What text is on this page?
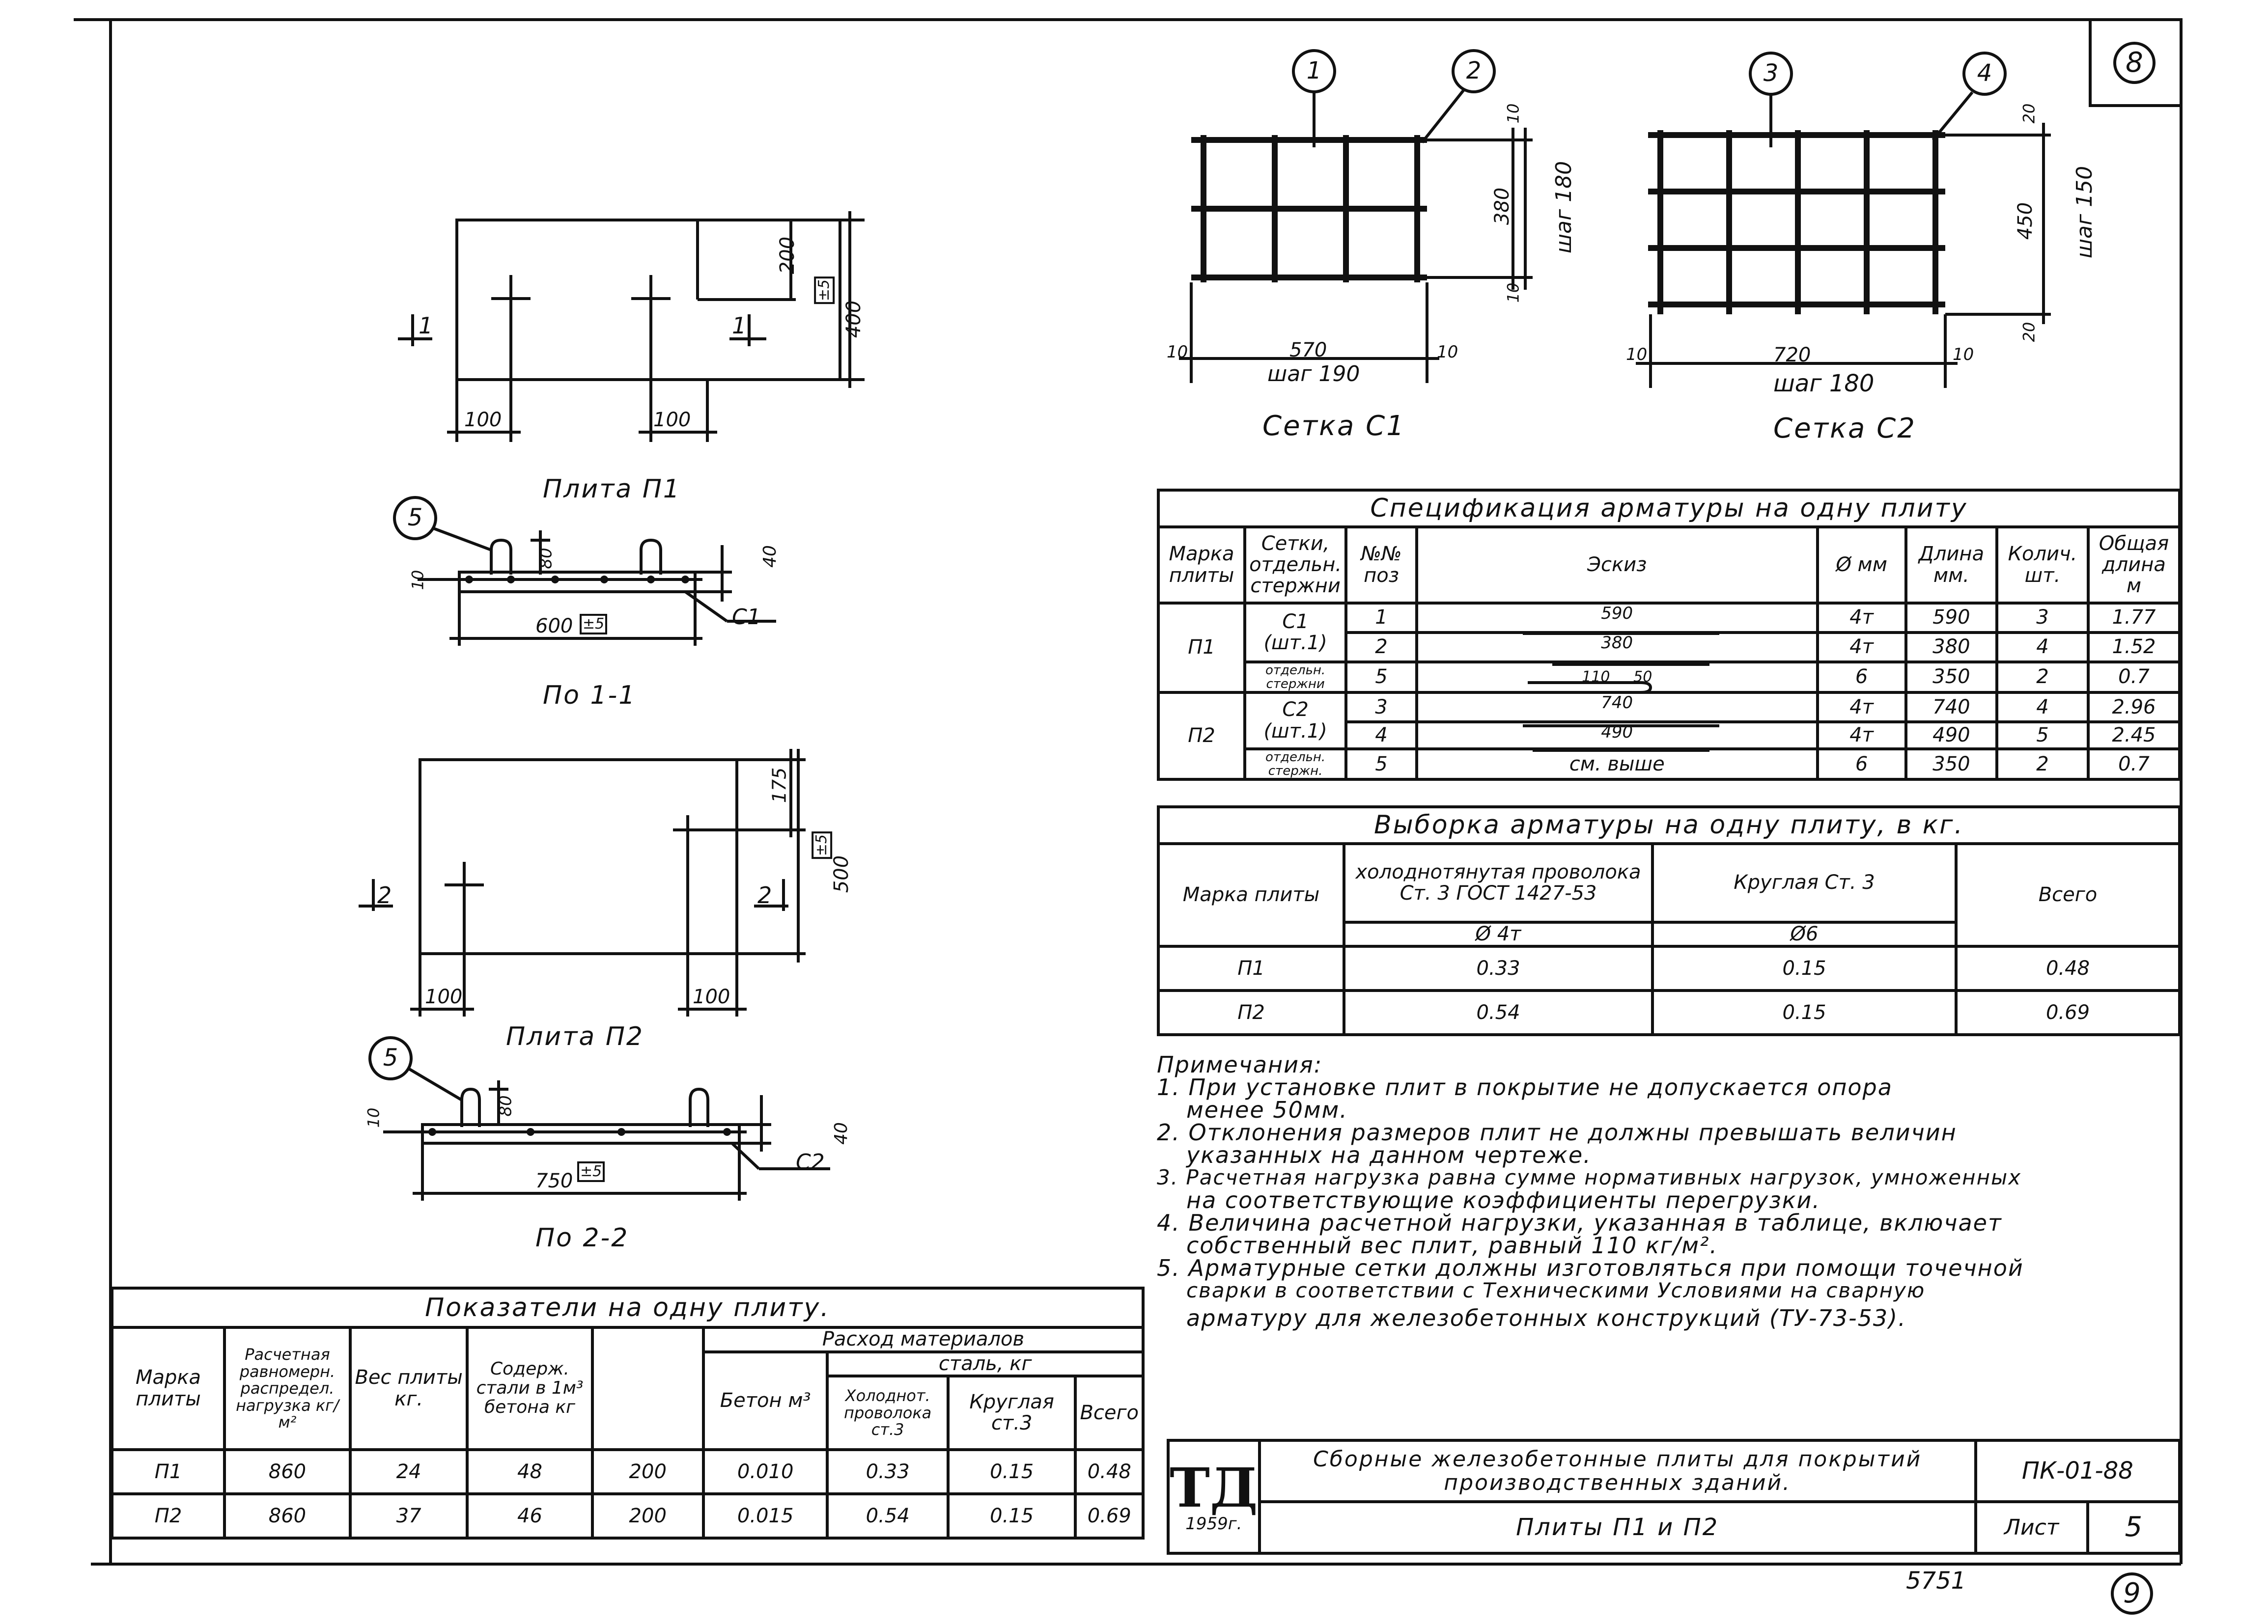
8
9
5751
200
400
±5
100	100
1	1
Плита П1
5
80	40
10
600 ±5	С1
По 1-1
175
500
±5
100	100
2	2
Плита П2
5
80
40
10
750 ±5	С2
По 2-2
1	2
570
шаг 190
10	10
380 шаг 180
10
10
Сетка С1
3	4
720
шаг 180
10	10
450 шаг 150
20
20
Сетка С2
Спецификация арматуры на одну плиту							
Марка плиты	Сетки, отдельн. стержни	№№ поз	Эскиз	Ø мм	Длина мм.	Колич. шт.	Общая длина м
П1	С1 (шт.1)	1	590	4т	590	3	1.77
		2	380	4т	380	4	1.52
	отдельн. стержни	5	110 50	6	350	2	0.7
П2	С2 (шт.1)	3	740	4т	740	4	2.96
		4	490	4т	490	5	2.45
	отдельн. стержн.	5	см. выше	6	350	2	0.7
Выборка арматуры на одну плиту, в кг.			
Марка плиты	холоднотянутая проволока Ст. 3 ГОСТ 1427-53	Круглая Ст. 3	Всего
	Ø 4т	Ø6	
П1	0.33	0.15	0.48
П2	0.54	0.15	0.69
Примечания:
1. При установке плит в покрытие не допускается опора
менее 50мм.
2. Отклонения размеров плит не должны превышать величин
указанных на данном чертеже.
3. Расчетная нагрузка равна сумме нормативных нагрузок, умноженных
на соответствующие коэффициенты перегрузки.
4. Величина расчетной нагрузки, указанная в таблице, включает
собственный вес плит, равный 110 кг/м².
5. Арматурные сетки должны изготовляться при помощи точечной
сварки в соответствии с Техническими Условиями на сварную
арматуру для железобетонных конструкций (ТУ-73-53).
Показатели на одну плиту.								
Марка плиты	Расчетная равномерн. распредел. нагрузка кг/м²	Вес плиты кг.	Содерж. стали в 1м³ бетона кг		Расход материалов			
					Бетон м³	сталь, кг		
						Холоднот. проволока ст.3	Круглая ст.3	Всего
П1	860	24	48	200	0.010	0.33	0.15	0.48
П2	860	37	46	200	0.015	0.54	0.15	0.69 ТД
1959г.	Сборные железобетонные плиты для покрытий производственных зданий.	ПК-01-88	
	Плиты П1 и П2	Лист	5
